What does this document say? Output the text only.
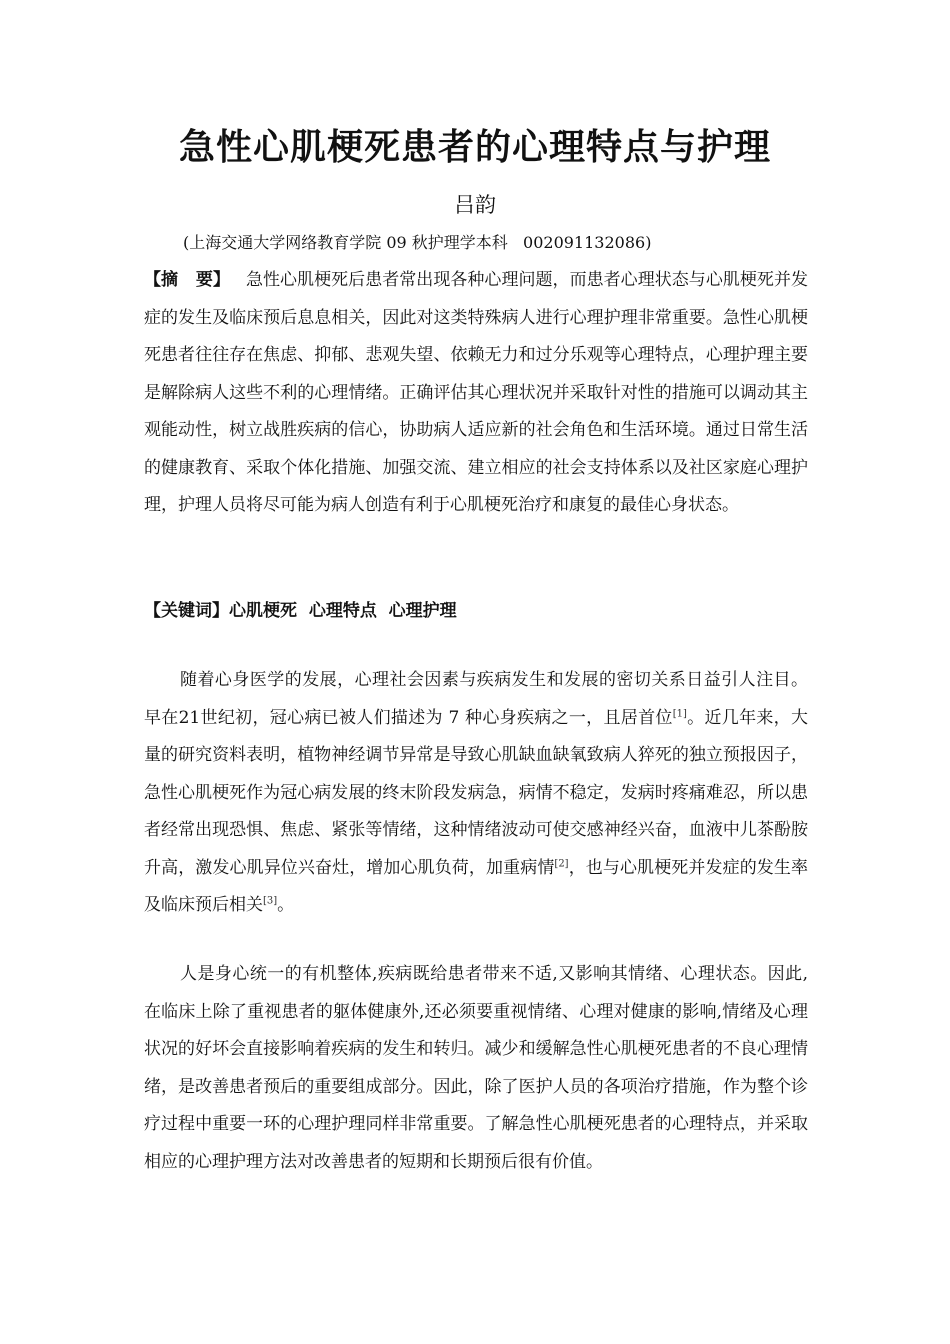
急性心肌梗死患者的心理特点与护理
吕韵
(上海交通大学网络教育学院 09 秋护理学本科   002091132086)
【摘   要】 急性心肌梗死后患者常出现各种心理问题，而患者心理状态与心肌梗死并发症的发生及临床预后息息相关，因此对这类特殊病人进行心理护理非常重要。急性心肌梗死患者往往存在焦虑、抑郁、悲观失望、依赖无力和过分乐观等心理特点，心理护理主要是解除病人这些不利的心理情绪。正确评估其心理状况并采取针对性的措施可以调动其主观能动性，树立战胜疾病的信心，协助病人适应新的社会角色和生活环境。通过日常生活的健康教育、采取个体化措施、加强交流、建立相应的社会支持体系以及社区家庭心理护理，护理人员将尽可能为病人创造有利于心肌梗死治疗和康复的最佳心身状态。
【关键词】心肌梗死  心理特点  心理护理
随着心身医学的发展，心理社会因素与疾病发生和发展的密切关系日益引人注目。早在21世纪初，冠心病已被人们描述为 7 种心身疾病之一，且居首位[1]。近几年来，大量的研究资料表明，植物神经调节异常是导致心肌缺血缺氧致病人猝死的独立预报因子，急性心肌梗死作为冠心病发展的终末阶段发病急，病情不稳定，发病时疼痛难忍，所以患者经常出现恐惧、焦虑、紧张等情绪，这种情绪波动可使交感神经兴奋，血液中儿茶酚胺升高，激发心肌异位兴奋灶，增加心肌负荷，加重病情[2]，也与心肌梗死并发症的发生率及临床预后相关[3]。
人是身心统一的有机整体,疾病既给患者带来不适,又影响其情绪、心理状态。因此,在临床上除了重视患者的躯体健康外,还必须要重视情绪、心理对健康的影响,情绪及心理状况的好坏会直接影响着疾病的发生和转归。减少和缓解急性心肌梗死患者的不良心理情绪，是改善患者预后的重要组成部分。因此，除了医护人员的各项治疗措施，作为整个诊疗过程中重要一环的心理护理同样非常重要。了解急性心肌梗死患者的心理特点，并采取相应的心理护理方法对改善患者的短期和长期预后很有价值。
